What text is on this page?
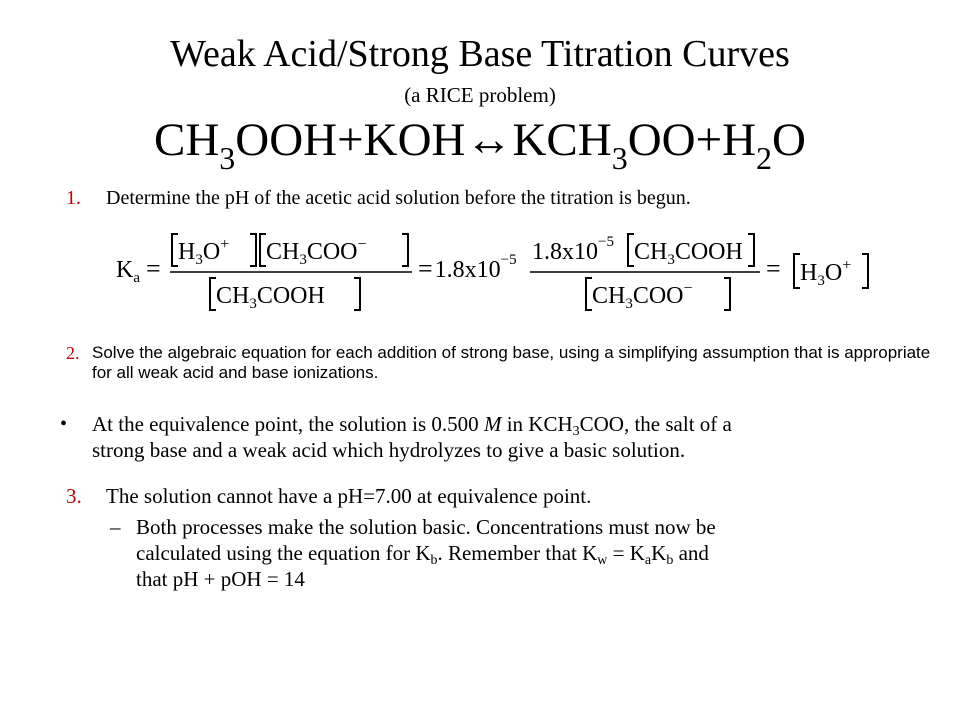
Weak Acid/Strong Base Titration Curves
(a RICE problem)
$CH_3OOH+KOH\leftrightarrow KCH_3OO+H_2O$
1. Determine the pH of the acetic acid solution before the titration is begun.
$K_a$ =
$H_3O^+$ $CH_3COO^-$
$CH_3COOH$
$=1.8x10^{-5}$ $1.8x10^{-5}$ $CH_3COOH$
$CH_3COO^-$
= $H_3O^+$
2. Solve the algebraic equation for each addition of strong base, using a simplifying assumption that is appropriate for all weak acid and base ionizations.
• At the equivalence point, the solution is 0.500 M in $KCH_3COO$, the salt of a
strong base and a weak acid which hydrolyzes to give a basic solution.
3. The solution cannot have a pH=7.00 at equivalence point.
– Both processes make the solution basic. Concentrations must now be
calculated using the equation for $K_b$. Remember that $K_w = K_aK_b$ and
that pH + pOH = 14
